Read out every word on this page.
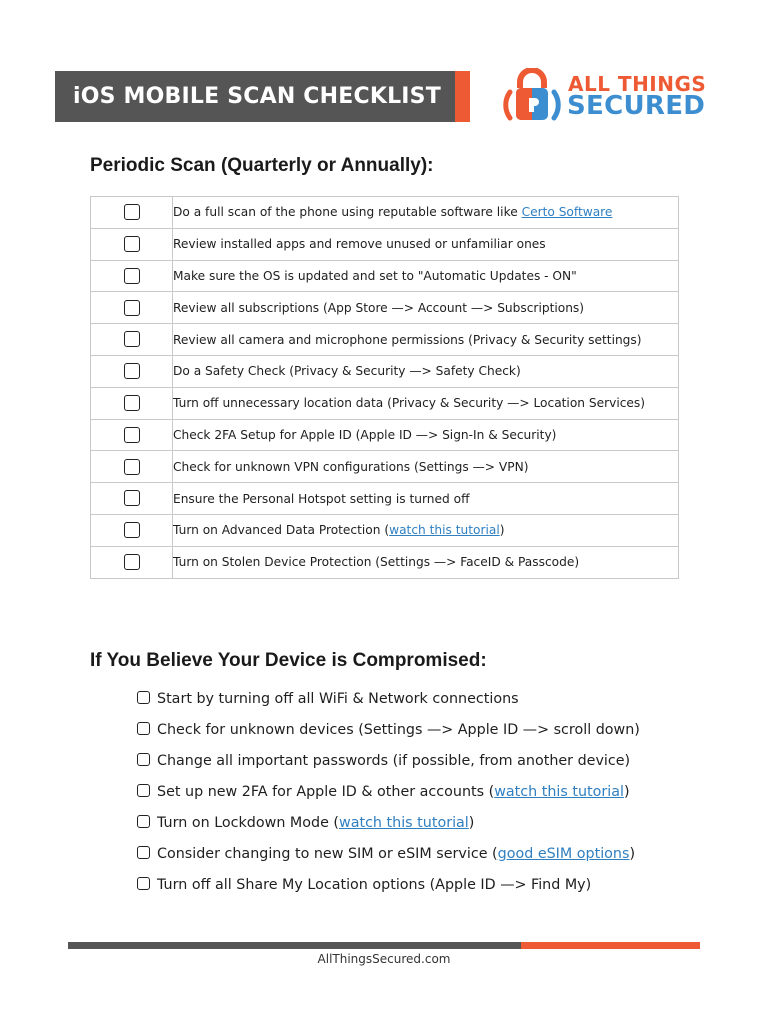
iOS MOBILE SCAN CHECKLIST	ALL THINGS
SECURED
Periodic Scan (Quarterly or Annually):
	Do a full scan of the phone using reputable software like Certo Software
	Review installed apps and remove unused or unfamiliar ones
	Make sure the OS is updated and set to "Automatic Updates - ON"
	Review all subscriptions (App Store —> Account —> Subscriptions)
	Review all camera and microphone permissions (Privacy & Security settings)
	Do a Safety Check (Privacy & Security —> Safety Check)
	Turn off unnecessary location data (Privacy & Security —> Location Services)
	Check 2FA Setup for Apple ID (Apple ID —> Sign-In & Security)
	Check for unknown VPN configurations (Settings —> VPN)
	Ensure the Personal Hotspot setting is turned off
	Turn on Advanced Data Protection (watch this tutorial)
	Turn on Stolen Device Protection (Settings —> FaceID & Passcode)
If You Believe Your Device is Compromised:
Start by turning off all WiFi & Network connections
Check for unknown devices (Settings —> Apple ID —> scroll down)
Change all important passwords (if possible, from another device)
Set up new 2FA for Apple ID & other accounts (watch this tutorial)
Turn on Lockdown Mode (watch this tutorial)
Consider changing to new SIM or eSIM service (good eSIM options)
Turn off all Share My Location options (Apple ID —> Find My)
AllThingsSecured.com
